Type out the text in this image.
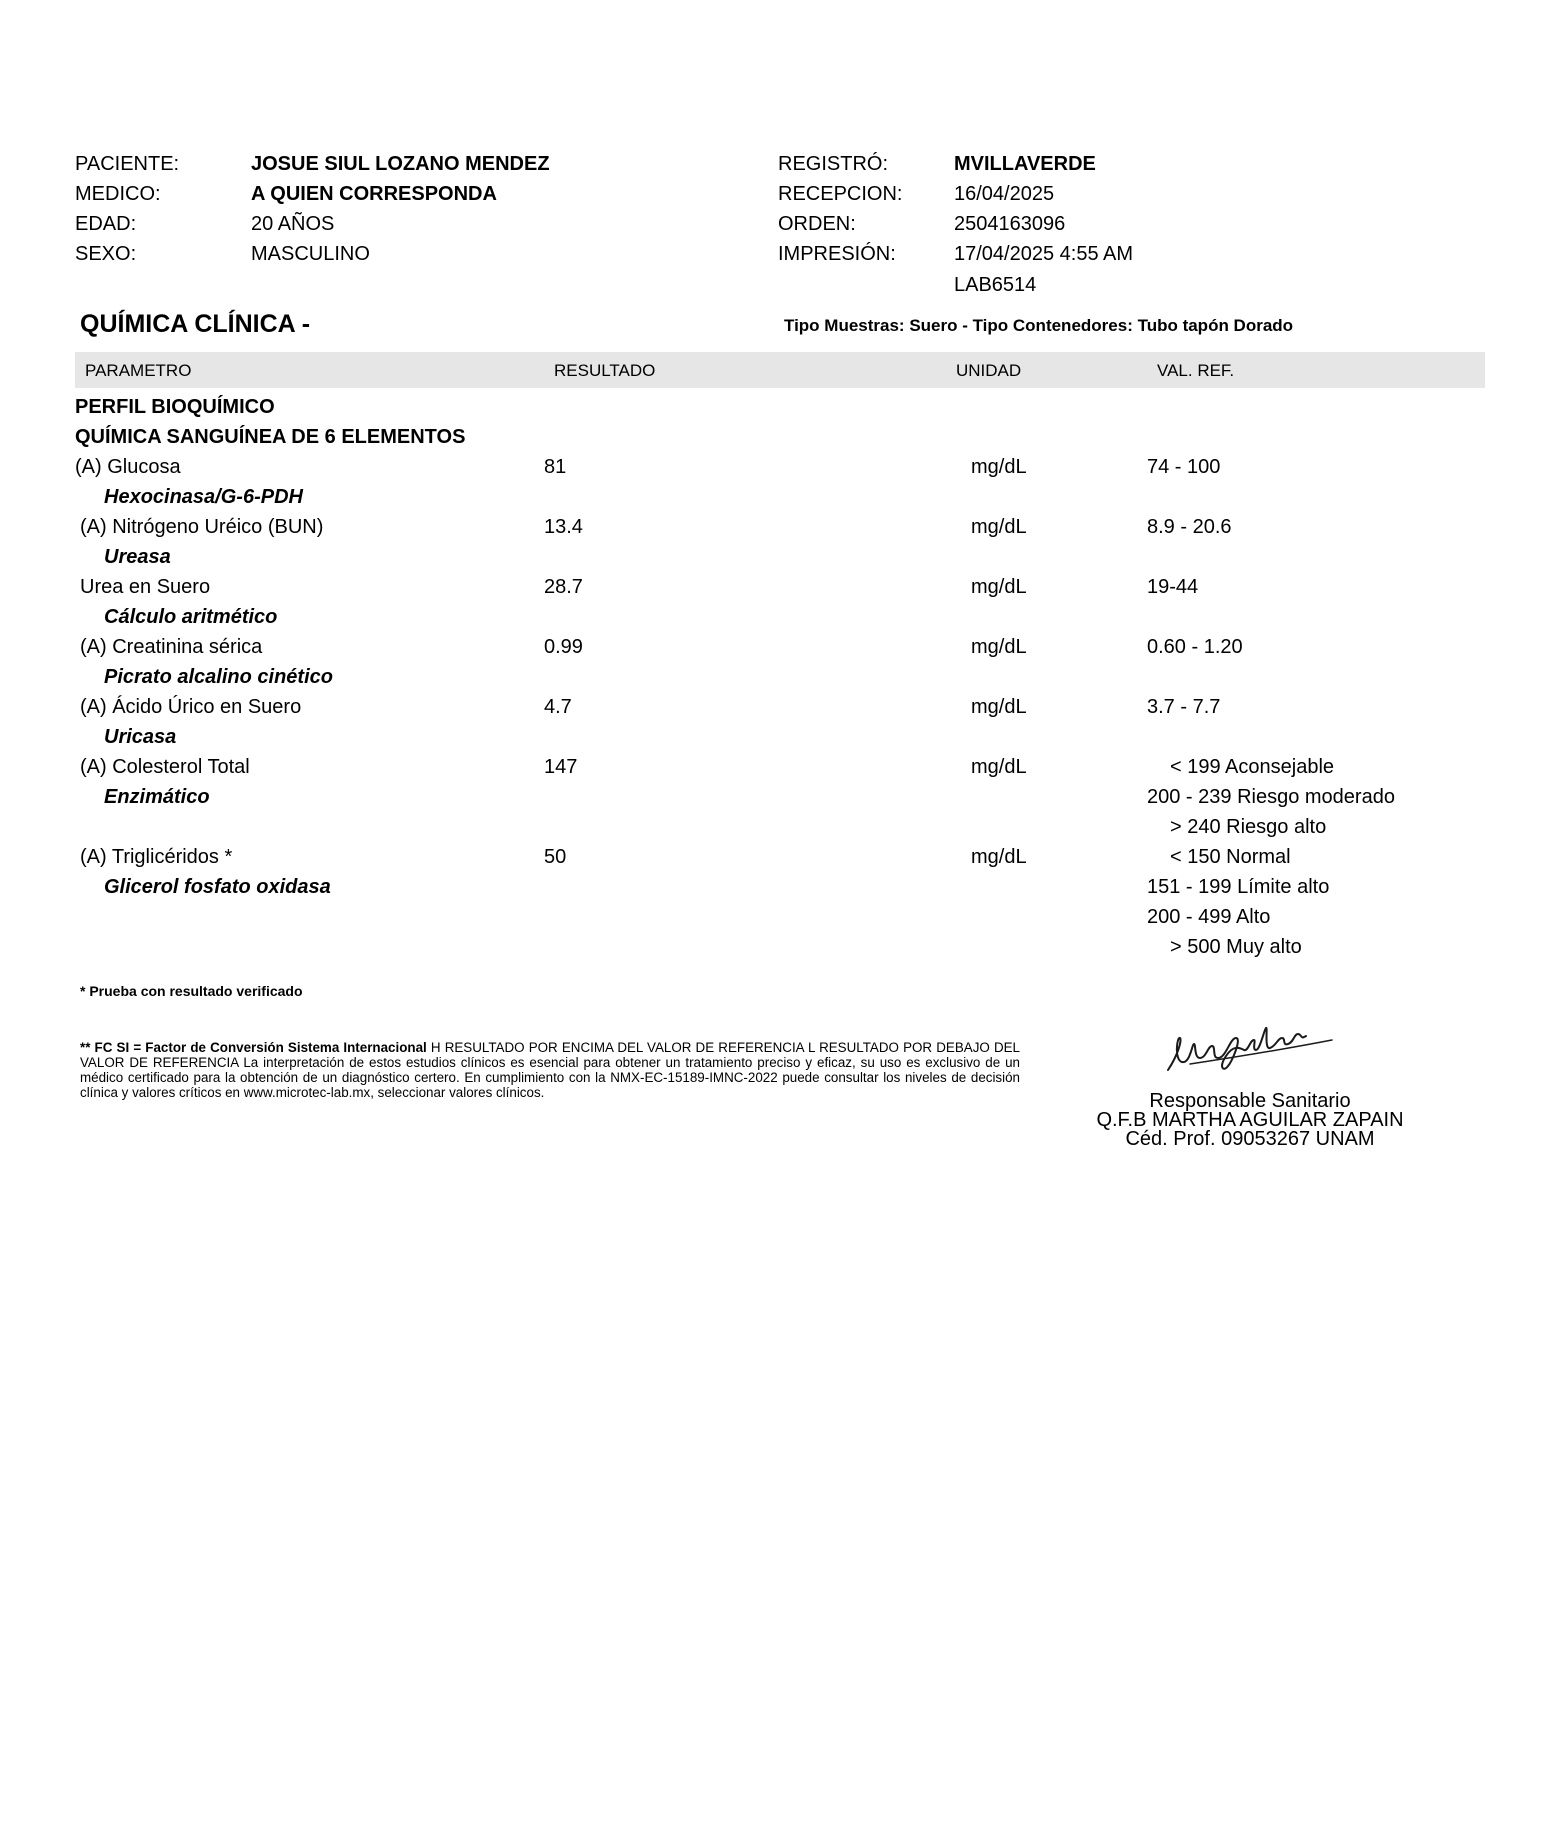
PACIENTE:	JOSUE SIUL LOZANO MENDEZ
MEDICO:	A QUIEN CORRESPONDA
EDAD:	20 AÑOS
SEXO:	MASCULINO
REGISTRÓ:	MVILLAVERDE
RECEPCION:	16/04/2025
ORDEN:	2504163096
IMPRESIÓN:	17/04/2025 4:55 AM
LAB6514
QUÍMICA CLÍNICA -	Tipo Muestras: Suero - Tipo Contenedores: Tubo tapón Dorado
PARAMETRO	RESULTADO	UNIDAD	VAL. REF.
PERFIL BIOQUÍMICO
QUÍMICA SANGUÍNEA DE 6 ELEMENTOS
(A) Glucosa	81	mg/dL	74 - 100
Hexocinasa/G-6-PDH
(A) Nitrógeno Uréico (BUN)	13.4	mg/dL	8.9 - 20.6
Ureasa
Urea en Suero	28.7	mg/dL	19-44
Cálculo aritmético
(A) Creatinina sérica	0.99	mg/dL	0.60 - 1.20
Picrato alcalino cinético
(A) Ácido Úrico en Suero	4.7	mg/dL	3.7 - 7.7
Uricasa
(A) Colesterol Total	147	mg/dL	< 199 Aconsejable
Enzimático	200 - 239 Riesgo moderado
> 240 Riesgo alto
(A) Triglicéridos *	50	mg/dL	< 150 Normal
Glicerol fosfato oxidasa	151 - 199 Límite alto
200 - 499 Alto
> 500 Muy alto
* Prueba con resultado verificado
** FC SI = Factor de Conversión Sistema Internacional H RESULTADO POR ENCIMA DEL VALOR DE REFERENCIA L RESULTADO POR DEBAJO DEL VALOR DE REFERENCIA La interpretación de estos estudios clínicos es esencial para obtener un tratamiento preciso y eficaz, su uso es exclusivo de un médico certificado para la obtención de un diagnóstico certero. En cumplimiento con la NMX-EC-15189-IMNC-2022 puede consultar los niveles de decisión clínica y valores críticos en www.microtec-lab.mx, seleccionar valores clínicos.	Responsable Sanitario
Q.F.B MARTHA AGUILAR ZAPAIN
Céd. Prof. 09053267 UNAM
